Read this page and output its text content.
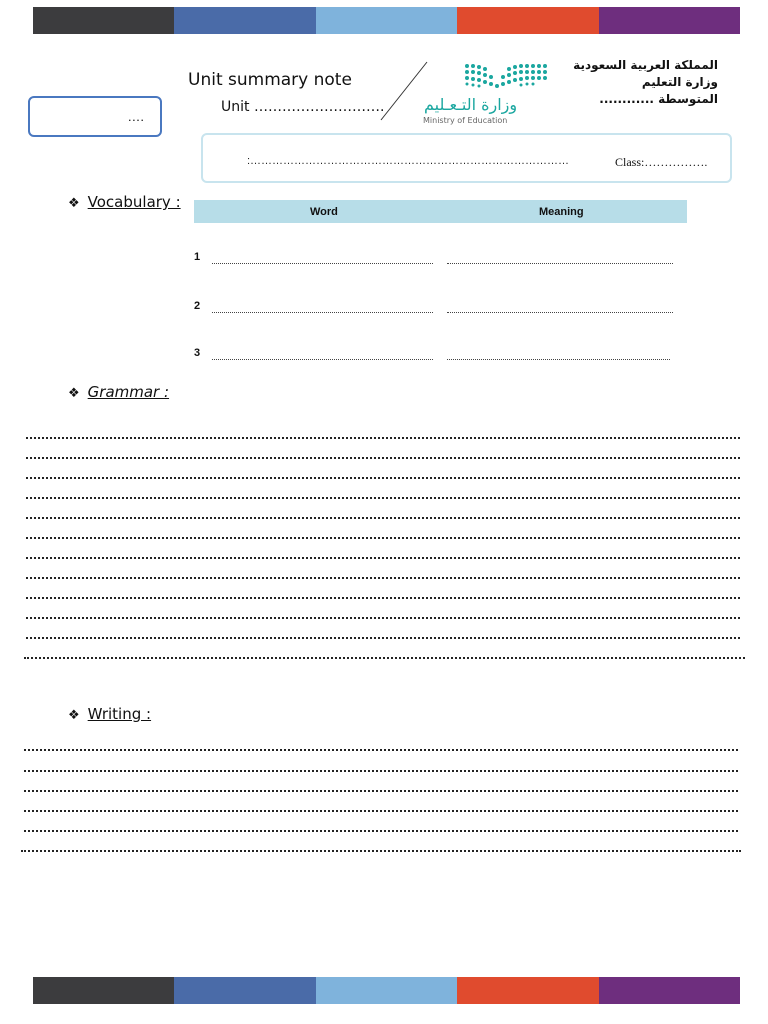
….
Unit summary note
Unit ………………………. وزارة التـعـليم
Ministry of Education
المملكة العربية السعودية
وزارة التعليم
المتوسطة ............
:……………………………………………………………………………	Class:…………….
❖ Vocabulary :
Word	Meaning
1
2
3
❖ Grammar :
❖ Writing :
